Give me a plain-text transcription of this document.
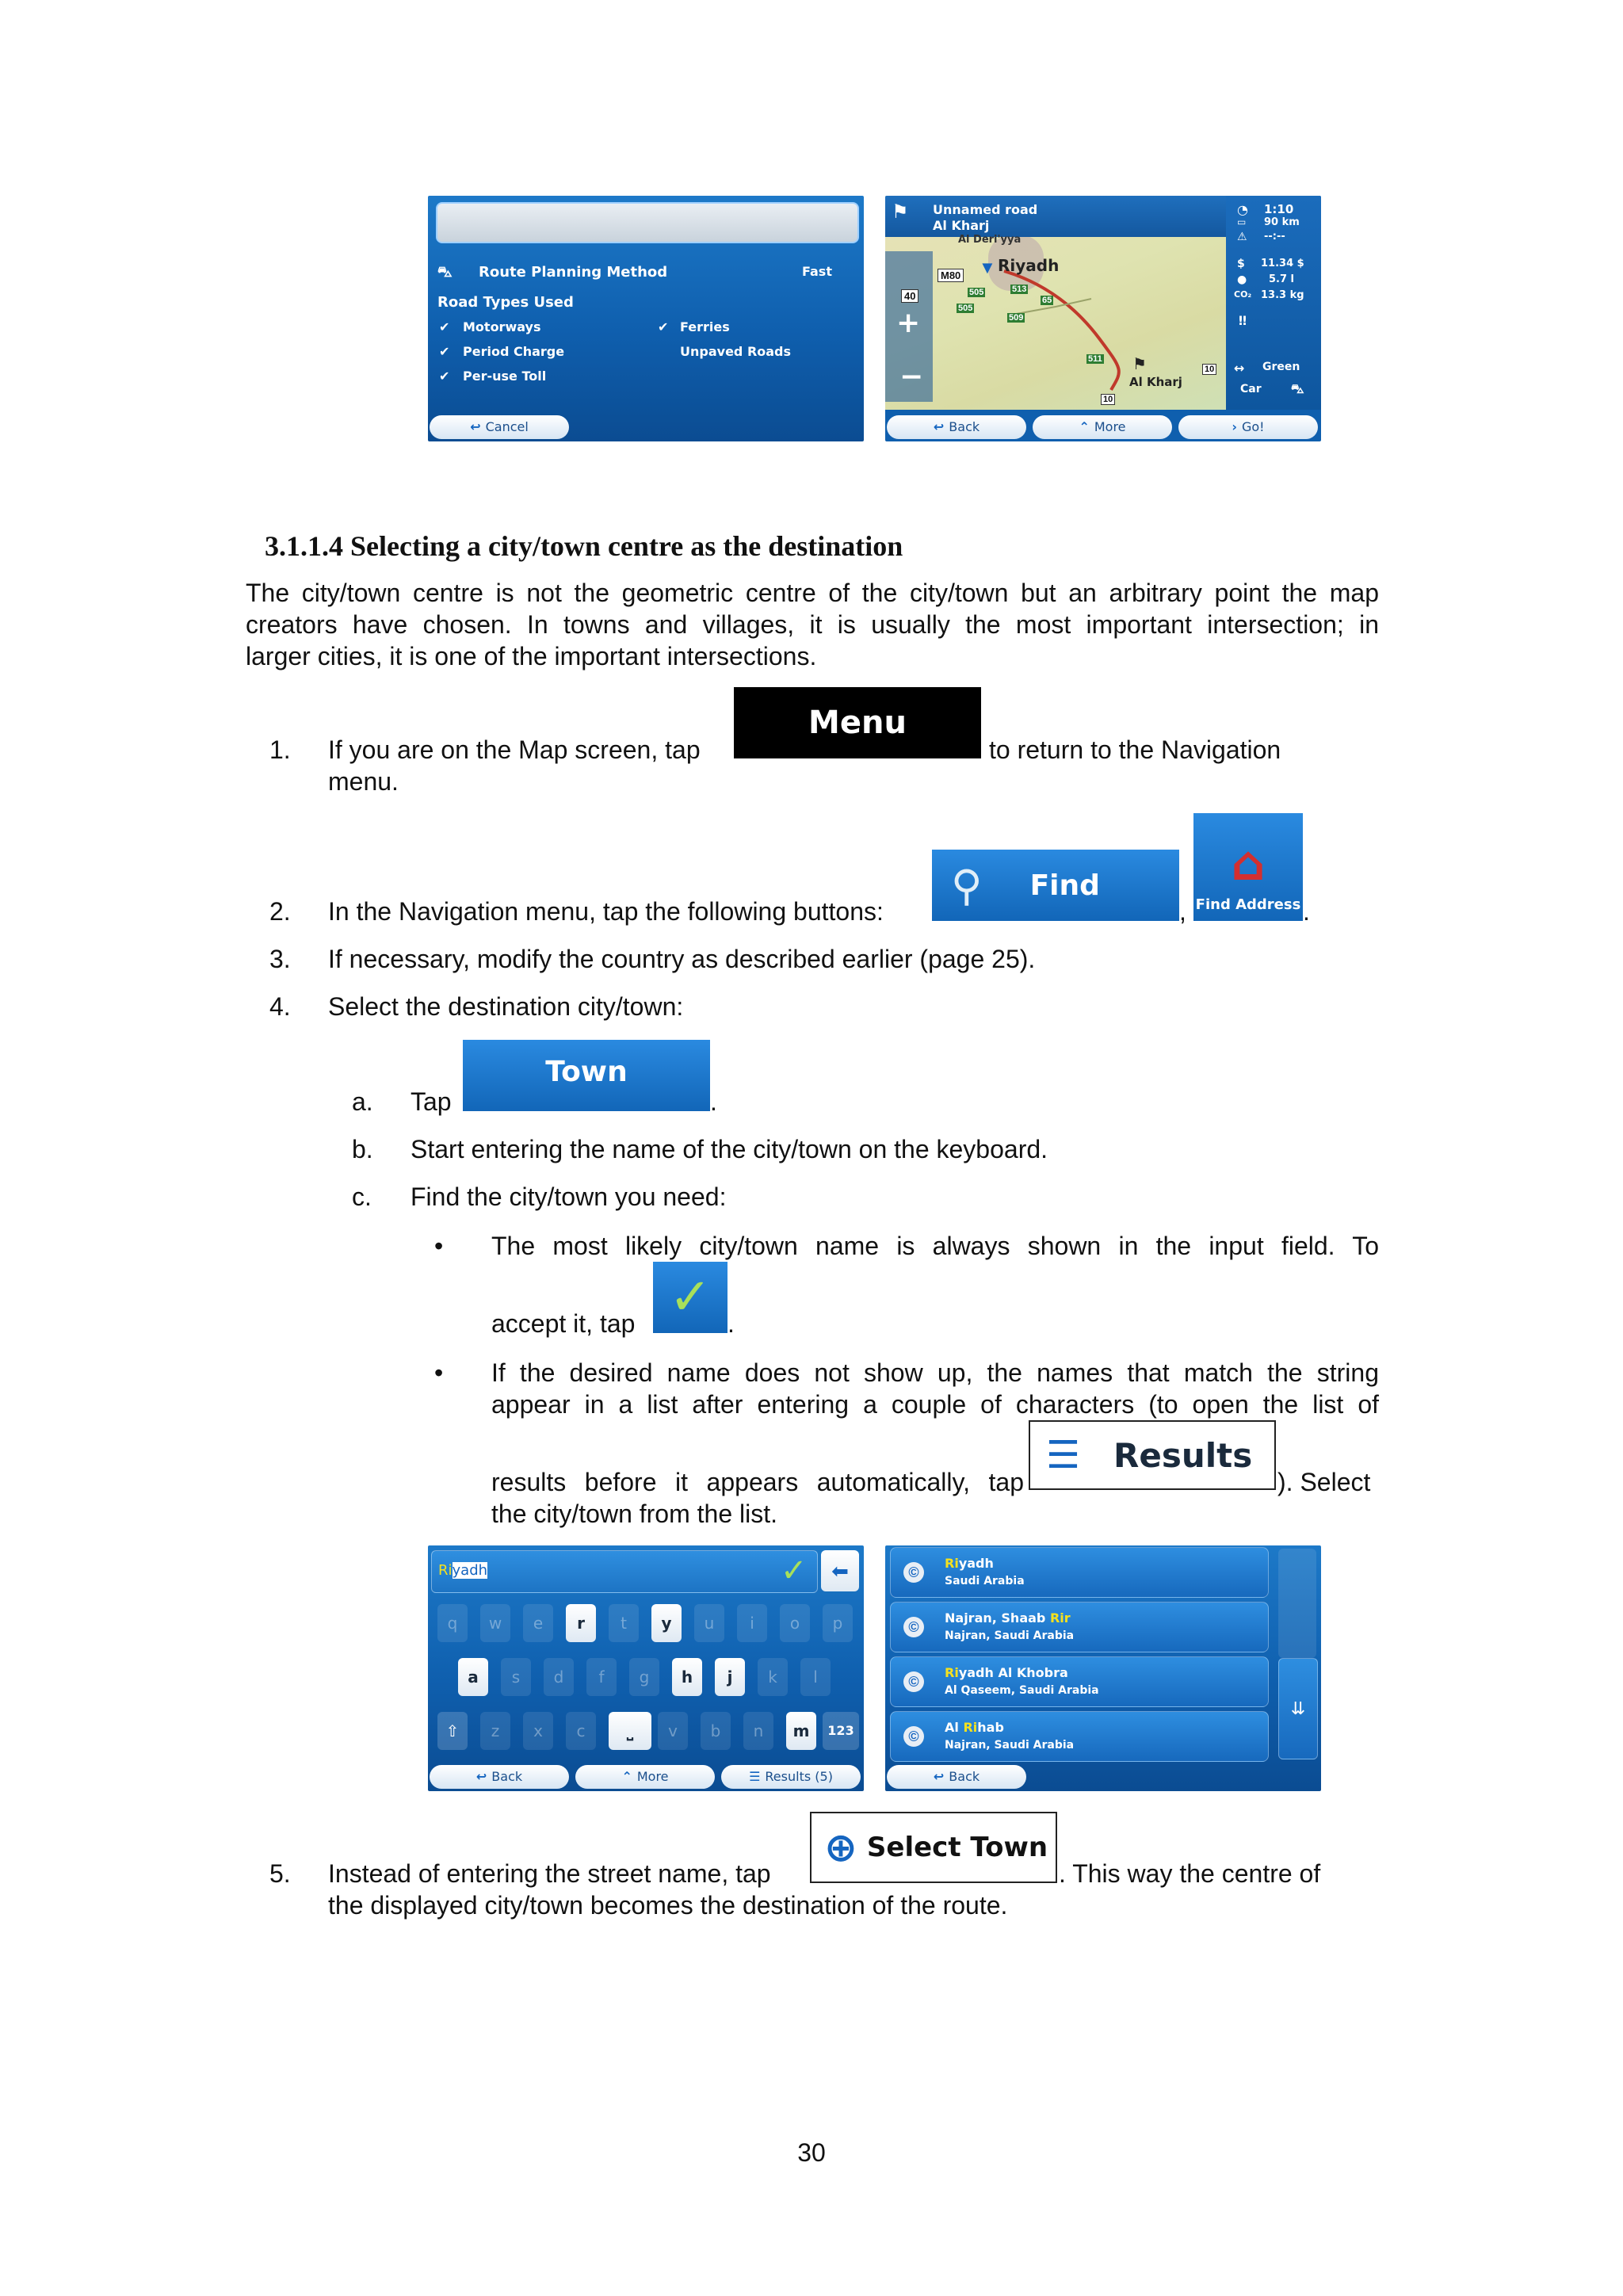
⛍ Route Planning Method	Fast
Road Types Used
✔ Motorways
✔ Period Charge
✔ Per-use Toll
✔ Ferries
Unpaved Roads
↩ Cancel
⚑ Unnamed road
Al Kharj
Al Deri'yya
+
−
Riyadh
▼
Al Kharj
⚑
M80
40	505
505
513
509
65
511
10
10
◔ 1:10
▭ 90 km
⚠ --:--
$ 11.34 $
● 5.7 l
CO₂ 13.3 kg
‼
↔ Green
Car ⛍
↩ Back	⌃ More	› Go!
3.1.1.4 Selecting a city/town centre as the destination
The city/town centre is not the geometric centre of the city/town but an arbitrary point the map
creators have chosen. In towns and villages, it is usually the most important intersection; in
larger cities, it is one of the important intersections.
1. If you are on the Map screen, tap
Menu
to return to the Navigation
menu.
2. In the Navigation menu, tap the following buttons:
⚲ Find
,
⌂
Find Address .
3. If necessary, modify the country as described earlier (page 25).
4. Select the destination city/town:
a. Tap
Town
.
b. Start entering the name of the city/town on the keyboard.
c. Find the city/town you need:
• The most likely city/town name is always shown in the input field. To
accept it, tap ✓ .
• If the desired name does not show up, the names that match the string
appear in a list after entering a couple of characters (to open the list of
results before it appears automatically, tap
☰ Results
). Select
the city/town from the list.
Riyadh	✓	⬅
q	w	e	r	t	y	u	i	o	p
a	s	d	f	g	h	j	k	l
⇧	z	x	c	⎵	v	b	n	m	123
↩ Back	⌃ More	☰ Results (5)
©
Riyadh
Saudi Arabia
©
Najran, Shaab Rir
Najran, Saudi Arabia
©
Riyadh Al Khobra
Al Qaseem, Saudi Arabia
©
Al Rihab
Najran, Saudi Arabia
⇊
↩ Back
5. Instead of entering the street name, tap
⊕ Select Town
. This way the centre of
the displayed city/town becomes the destination of the route.
30
